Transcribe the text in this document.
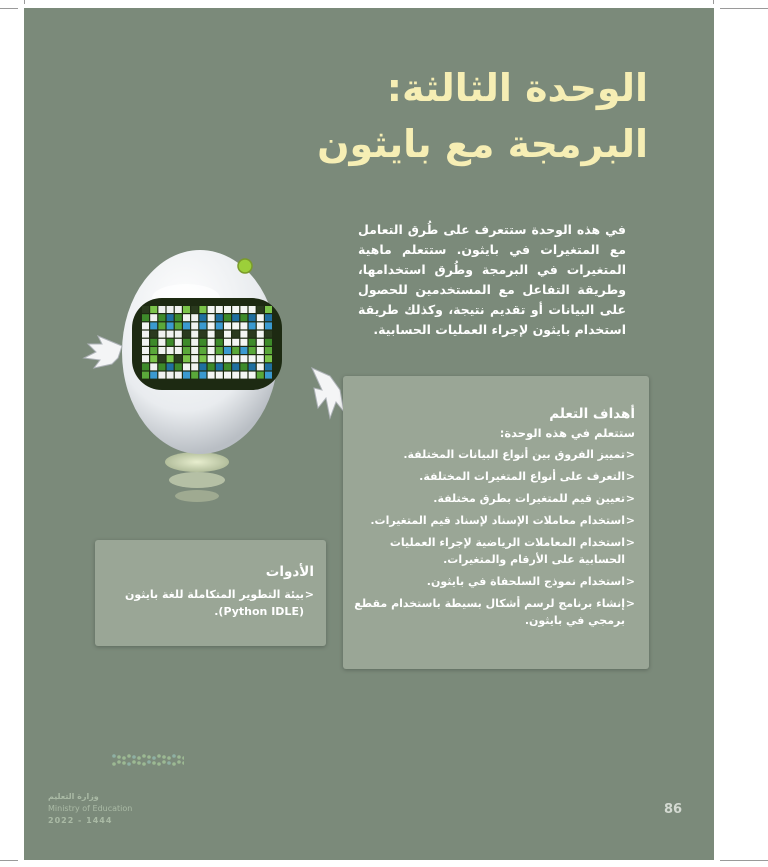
الوحدة الثالثة:
البرمجة مع بايثون

في هذه الوحدة ستتعرف على طُرق التعامل مع المتغيرات في بايثون. ستتعلم ماهية المتغيرات في البرمجة وطُرق استخدامها، وطريقة التفاعل مع المستخدمين للحصول على البيانات أو تقديم نتيجة، وكذلك طريقة استخدام بايثون لإجراء العمليات الحسابية.

أهداف التعلم
ستتعلم في هذه الوحدة:
<
تمييز الفروق بين أنواع البيانات المختلفة.
<
التعرف على أنواع المتغيرات المختلفة.
<
تعيين قيم للمتغيرات بطرق مختلفة.
<
استخدام معاملات الإسناد لإسناد قيم المتغيرات.
<
استخدام المعاملات الرياضية لإجراء العمليات الحسابية على الأرقام والمتغيرات.
<
استخدام نموذج السلحفاة في بايثون.
<
إنشاء برنامج لرسم أشكال بسيطة باستخدام مقطع برمجي في بايثون.
الأدوات

<
بيئة التطوير المتكاملة للغة بايثون (Python IDLE).

وزارة التعليم
Ministry of Education
2022 - 1444
86
